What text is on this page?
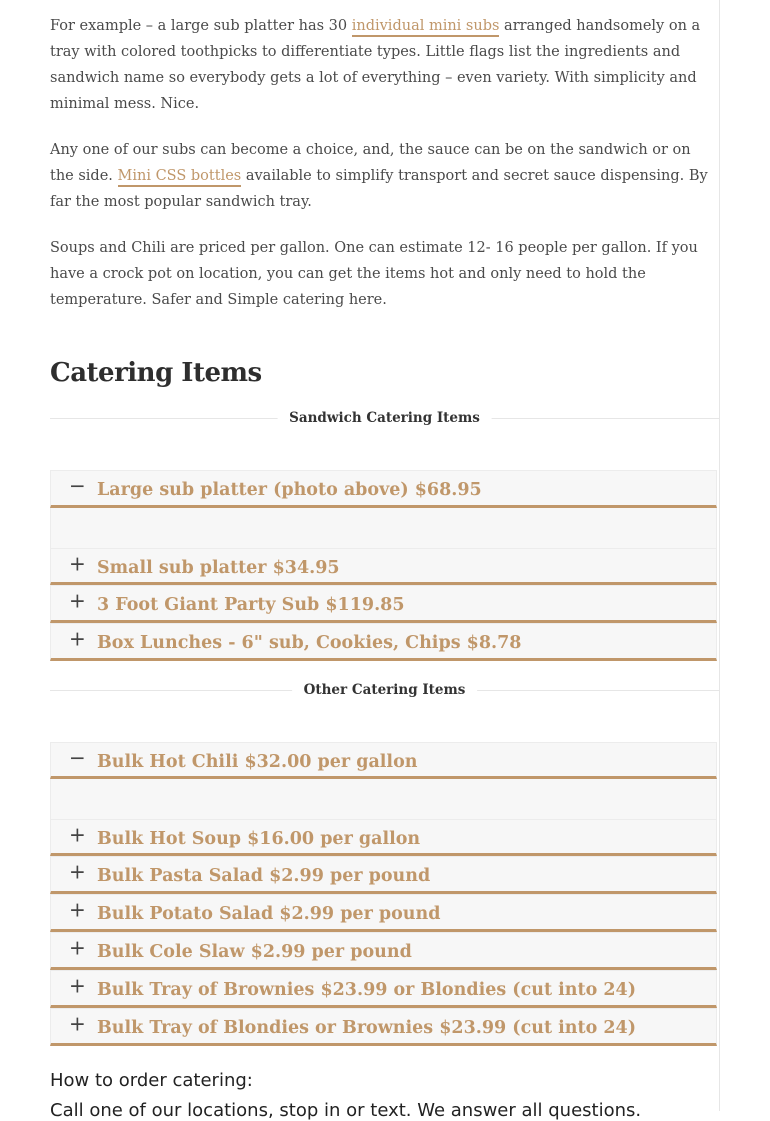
For example – a large sub platter has 30 individual mini subs arranged handsomely on a tray with colored toothpicks to differentiate types. Little flags list the ingredients and sandwich name so everybody gets a lot of everything – even variety. With simplicity and minimal mess. Nice.

Any one of our subs can become a choice, and, the sauce can be on the sandwich or on the side. Mini CSS bottles available to simplify transport and secret sauce dispensing. By far the most popular sandwich tray.

Soups and Chili are priced per gallon. One can estimate 12- 16 people per gallon. If you have a crock pot on location, you can get the items hot and only need to hold the temperature. Safer and Simple catering here.

Catering Items
Sandwich Catering Items
− Large sub platter (photo above) $68.95
+ Small sub platter $34.95
+ 3 Foot Giant Party Sub $119.85
+ Box Lunches - 6" sub, Cookies, Chips $8.78
Other Catering Items
− Bulk Hot Chili $32.00 per gallon
+ Bulk Hot Soup $16.00 per gallon
+ Bulk Pasta Salad $2.99 per pound
+ Bulk Potato Salad $2.99 per pound
+ Bulk Cole Slaw $2.99 per pound
+ Bulk Tray of Brownies $23.99 or Blondies (cut into 24)
+ Bulk Tray of Blondies or Brownies $23.99 (cut into 24)

How to order catering:

Call one of our locations, stop in or text. We answer all questions.
